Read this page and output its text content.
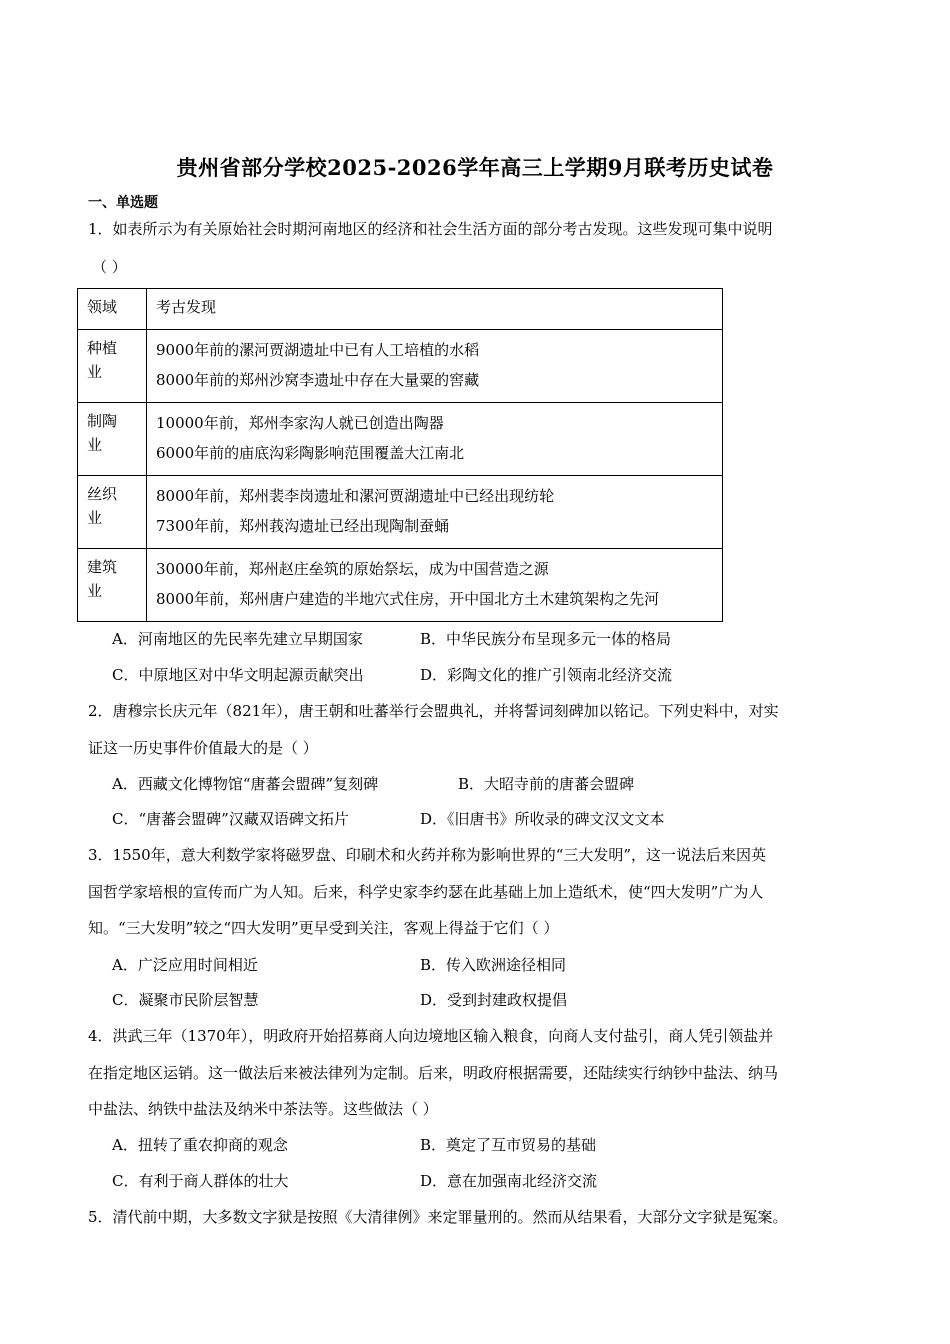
贵州省部分学校2025-2026学年高三上学期9月联考历史试卷
一、单选题
1．如表所示为有关原始社会时期河南地区的经济和社会生活方面的部分考古发现。这些发现可集中说明
（ ）
领域	考古发现

种植业	9000年前的漯河贾湖遗址中已有人工培植的水稻
8000年前的郑州沙窝李遗址中存在大量粟的窖藏

制陶业	10000年前，郑州李家沟人就已创造出陶器
6000年前的庙底沟彩陶影响范围覆盖大江南北

丝织业	8000年前，郑州裴李岗遗址和漯河贾湖遗址中已经出现纺轮
7300年前，郑州莪沟遗址已经出现陶制蚕蛹

建筑业	30000年前，郑州赵庄垒筑的原始祭坛，成为中国营造之源
8000年前，郑州唐户建造的半地穴式住房，开中国北方土木建筑架构之先河
A．河南地区的先民率先建立早期国家	B．中华民族分布呈现多元一体的格局
C．中原地区对中华文明起源贡献突出	D．彩陶文化的推广引领南北经济交流
2．唐穆宗长庆元年（821年），唐王朝和吐蕃举行会盟典礼，并将誓词刻碑加以铭记。下列史料中，对实
证这一历史事件价值最大的是（ ）
A．西藏文化博物馆“唐蕃会盟碑”复刻碑	B．大昭寺前的唐蕃会盟碑
C．“唐蕃会盟碑”汉藏双语碑文拓片	D．《旧唐书》所收录的碑文汉文文本
3．1550年，意大利数学家将磁罗盘、印刷术和火药并称为影响世界的“三大发明”，这一说法后来因英
国哲学家培根的宣传而广为人知。后来，科学史家李约瑟在此基础上加上造纸术，使“四大发明”广为人
知。“三大发明”较之“四大发明”更早受到关注，客观上得益于它们（ ）
A．广泛应用时间相近	B．传入欧洲途径相同
C．凝聚市民阶层智慧	D．受到封建政权提倡
4．洪武三年（1370年），明政府开始招募商人向边境地区输入粮食，向商人支付盐引，商人凭引领盐并
在指定地区运销。这一做法后来被法律列为定制。后来，明政府根据需要，还陆续实行纳钞中盐法、纳马
中盐法、纳铁中盐法及纳米中茶法等。这些做法（ ）
A．扭转了重农抑商的观念	B．奠定了互市贸易的基础
C．有利于商人群体的壮大	D．意在加强南北经济交流
5．清代前中期，大多数文字狱是按照《大清律例》来定罪量刑的。然而从结果看，大部分文字狱是冤案。
